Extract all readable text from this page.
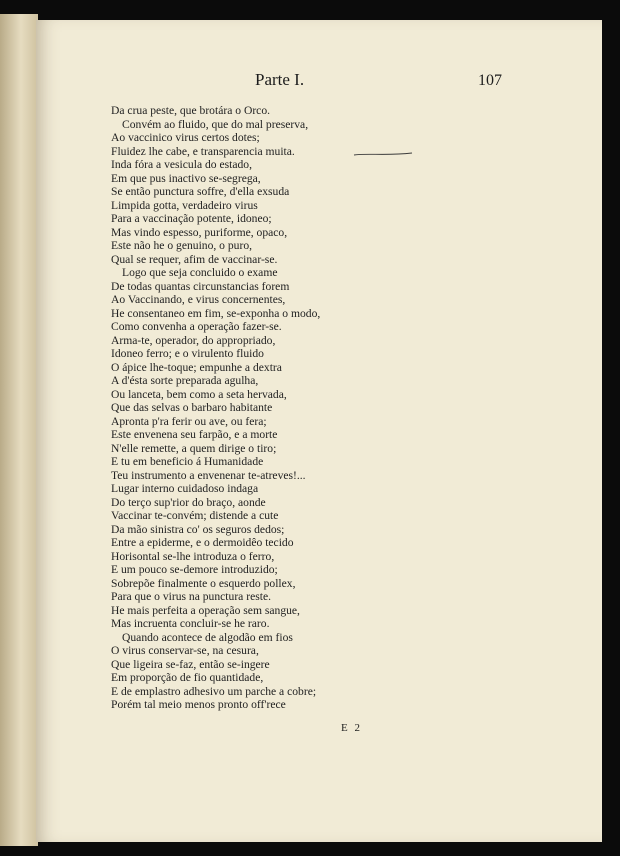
Parte I.	107
Da crua peste, que brotára o Orco.
Convém ao fluido, que do mal preserva,
Ao vaccinico virus certos dotes;
Fluidez lhe cabe, e transparencia muita.
Inda fóra a vesicula do estado,
Em que pus inactivo se-segrega,
Se então punctura soffre, d'ella exsuda
Limpida gotta, verdadeiro virus
Para a vaccinação potente, idoneo;
Mas vindo espesso, puriforme, opaco,
Este não he o genuino, o puro,
Qual se requer, afim de vaccinar-se.
Logo que seja concluido o exame
De todas quantas circunstancias forem
Ao Vaccinando, e virus concernentes,
He consentaneo em fim, se-exponha o modo,
Como convenha a operação fazer-se.
Arma-te, operador, do appropriado,
Idoneo ferro; e o virulento fluido
O ápice lhe-toque; empunhe a dextra
A d'ésta sorte preparada agulha,
Ou lanceta, bem como a seta hervada,
Que das selvas o barbaro habitante
Apronta p'ra ferir ou ave, ou fera;
Este envenena seu farpão, e a morte
N'elle remette, a quem dirige o tiro;
E tu em beneficio á Humanidade
Teu instrumento a envenenar te-atreves!...
Lugar interno cuidadoso indaga
Do terço sup'rior do braço, aonde
Vaccinar te-convém; distende a cute
Da mão sinistra co' os seguros dedos;
Entre a epiderme, e o dermoidêo tecido
Horisontal se-lhe introduza o ferro,
E um pouco se-demore introduzido;
Sobrepõe finalmente o esquerdo pollex,
Para que o virus na punctura reste.
He mais perfeita a operação sem sangue,
Mas incruenta concluir-se he raro.
Quando acontece de algodão em fios
O virus conservar-se, na cesura,
Que ligeira se-faz, então se-ingere
Em proporção de fio quantidade,
E de emplastro adhesivo um parche a cobre;
Porém tal meio menos pronto off'rece
E 2
